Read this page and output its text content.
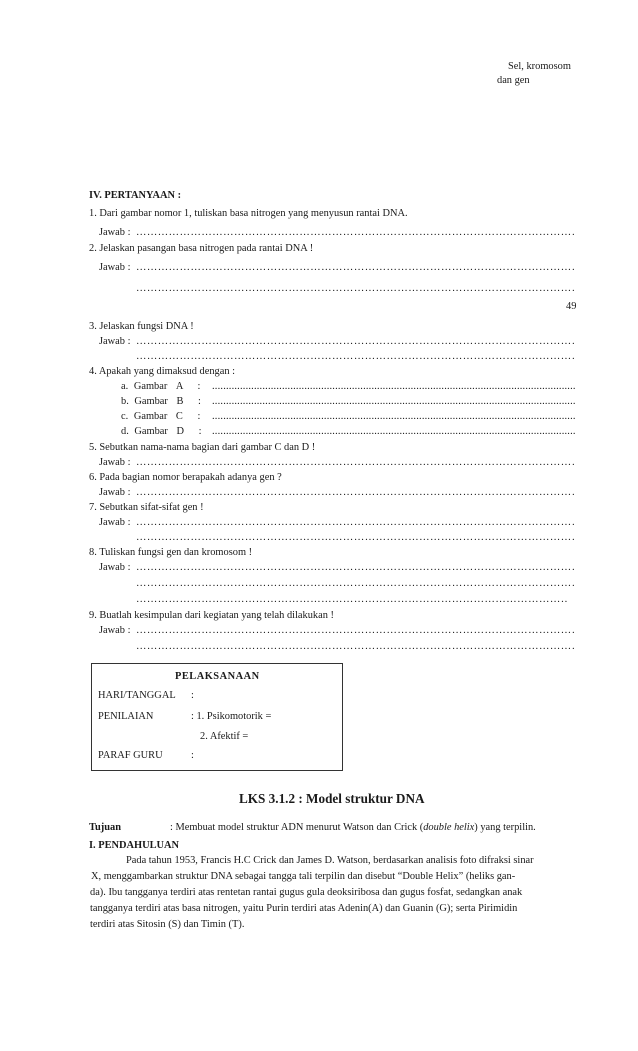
Sel, kromosom
dan gen
IV. PERTANYAAN :
1. Dari gambar nomor 1, tuliskan basa nitrogen yang menyusun rantai DNA.
Jawab :
……………………………………………………………………………………………………………………………………………………………………………………………………………
2. Jelaskan pasangan basa nitrogen pada rantai DNA !
Jawab :
……………………………………………………………………………………………………………………………………………………………………………………………………………
……………………………………………………………………………………………………………………………………………………………………………………………………………
49
3. Jelaskan fungsi DNA !
Jawab :
……………………………………………………………………………………………………………………………………………………………………………………………………………
……………………………………………………………………………………………………………………………………………………………………………………………………………
4. Apakah yang dimaksud dengan :
a. Gambar A :
.....
b. Gambar B :
.....
c. Gambar C :
.....
d. Gambar D :
.....
5. Sebutkan nama-nama bagian dari gambar C dan D !
Jawab :
……………………………………………………………………………………………………………………………………………………………………………………………………………
6. Pada bagian nomor berapakah adanya gen ?
Jawab :
……………………………………………………………………………………………………………………………………………………………………………………………………………
7. Sebutkan sifat-sifat gen !
Jawab :
……………………………………………………………………………………………………………………………………………………………………………………………………………
……………………………………………………………………………………………………………………………………………………………………………………………………………
8. Tuliskan fungsi gen dan kromosom !
Jawab :
……………………………………………………………………………………………………………………………………………………………………………………………………………
……………………………………………………………………………………………………………………………………………………………………………………………………………
……………………………………………………………………………………………………………………………………………………………………………………………………………
9. Buatlah kesimpulan dari kegiatan yang telah dilakukan !
Jawab :
……………………………………………………………………………………………………………………………………………………………………………………………………………
……………………………………………………………………………………………………………………………………………………………………………………………………………
PELAKSANAAN
HARI/TANGGAL :
PENILAIAN	: 1. Psikomotorik =
2. Afektif =
PARAF GURU	:
LKS 3.1.2 : Model struktur DNA
Tujuan	: Membuat model struktur ADN menurut Watson dan Crick (double helix) yang terpilin.
I. PENDAHULUAN
Pada tahun 1953, Francis H.C Crick dan James D. Watson, berdasarkan analisis foto difraksi sinar
X, menggambarkan struktur DNA sebagai tangga tali terpilin dan disebut “Double Helix” (heliks gan-
da). Ibu tangganya terdiri atas rentetan rantai gugus gula deoksiribosa dan gugus fosfat, sedangkan anak
tangganya terdiri atas basa nitrogen, yaitu Purin terdiri atas Adenin(A) dan Guanin (G); serta Pirimidin
terdiri atas Sitosin (S) dan Timin (T).
